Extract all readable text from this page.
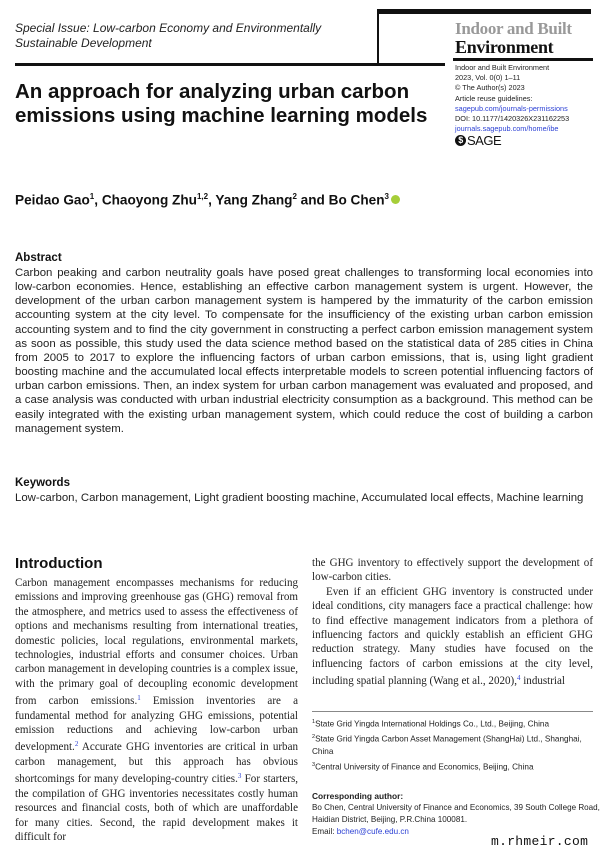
Special Issue: Low-carbon Economy and Environmentally Sustainable Development
Indoor and Built
Environment
Indoor and Built Environment
2023, Vol. 0(0) 1–11
© The Author(s) 2023
Article reuse guidelines:
sagepub.com/journals-permissions
DOI: 10.1177/1420326X231162253
journals.sagepub.com/home/ibe
$ SAGE
An approach for analyzing urban carbon emissions using machine learning models
Peidao Gao$^1$, Chaoyong Zhu$^{1,2}$, Yang Zhang$^2$ and Bo Chen$^3$
Abstract
Carbon peaking and carbon neutrality goals have posed great challenges to transforming local economies into low-carbon economies. Hence, establishing an effective carbon management system is urgent. However, the development of the urban carbon management system is hampered by the immaturity of the carbon emission accounting system at the city level. To compensate for the insufficiency of the existing urban carbon emission accounting system and to find the city government in constructing a perfect carbon emission management system as soon as possible, this study used the data science method based on the statistical data of 285 cities in China from 2005 to 2017 to explore the influencing factors of urban carbon emissions, that is, using light gradient boosting machine and the accumulated local effects interpretable models to screen potential influencing factors of urban carbon emissions. Then, an index system for urban carbon management was evaluated and proposed, and a case analysis was conducted with urban industrial electricity consumption as a background. This method can be easily integrated with the existing urban management system, which could reduce the cost of building a carbon management system.
Keywords
Low-carbon, Carbon management, Light gradient boosting machine, Accumulated local effects, Machine learning
Introduction

Carbon management encompasses mechanisms for reducing emissions and improving greenhouse gas (GHG) removal from the atmosphere, and metrics used to assess the effectiveness of options and mechanisms resulting from international treaties, domestic policies, local regulations, environmental markets, technologies, industrial efforts and consumer choices. Urban carbon management in developing countries is a complex issue, with the primary goal of decoupling economic development from carbon emissions.$^1$ Emission inventories are a fundamental method for analyzing GHG emissions, potential emission reductions and achieving low-carbon urban development.$^2$ Accurate GHG inventories are critical in urban carbon management, but this approach has obvious shortcomings for many developing-country cities.$^3$ For starters, the compilation of GHG inventories necessitates costly human resources and financial costs, both of which are unaffordable for many cities. Second, the rapid development makes it difficult for

the GHG inventory to effectively support the development of low-carbon cities.

Even if an efficient GHG inventory is constructed under ideal conditions, city managers face a practical challenge: how to find effective management indicators from a plethora of influencing factors and quickly establish an efficient GHG reduction strategy. Many studies have focused on the influencing factors of carbon emissions at the city level, including spatial planning (Wang et al., 2020),$^4$ industrial

$^1$State Grid Yingda International Holdings Co., Ltd., Beijing, China
$^2$State Grid Yingda Carbon Asset Management (ShangHai) Ltd., Shanghai, China
$^3$Central University of Finance and Economics, Beijing, China
Corresponding author:
Bo Chen, Central University of Finance and Economics, 39 South College Road, Haidian District, Beijing, P.R.China 100081.
Email: bchen@cufe.edu.cn
m.rhmeir.com
